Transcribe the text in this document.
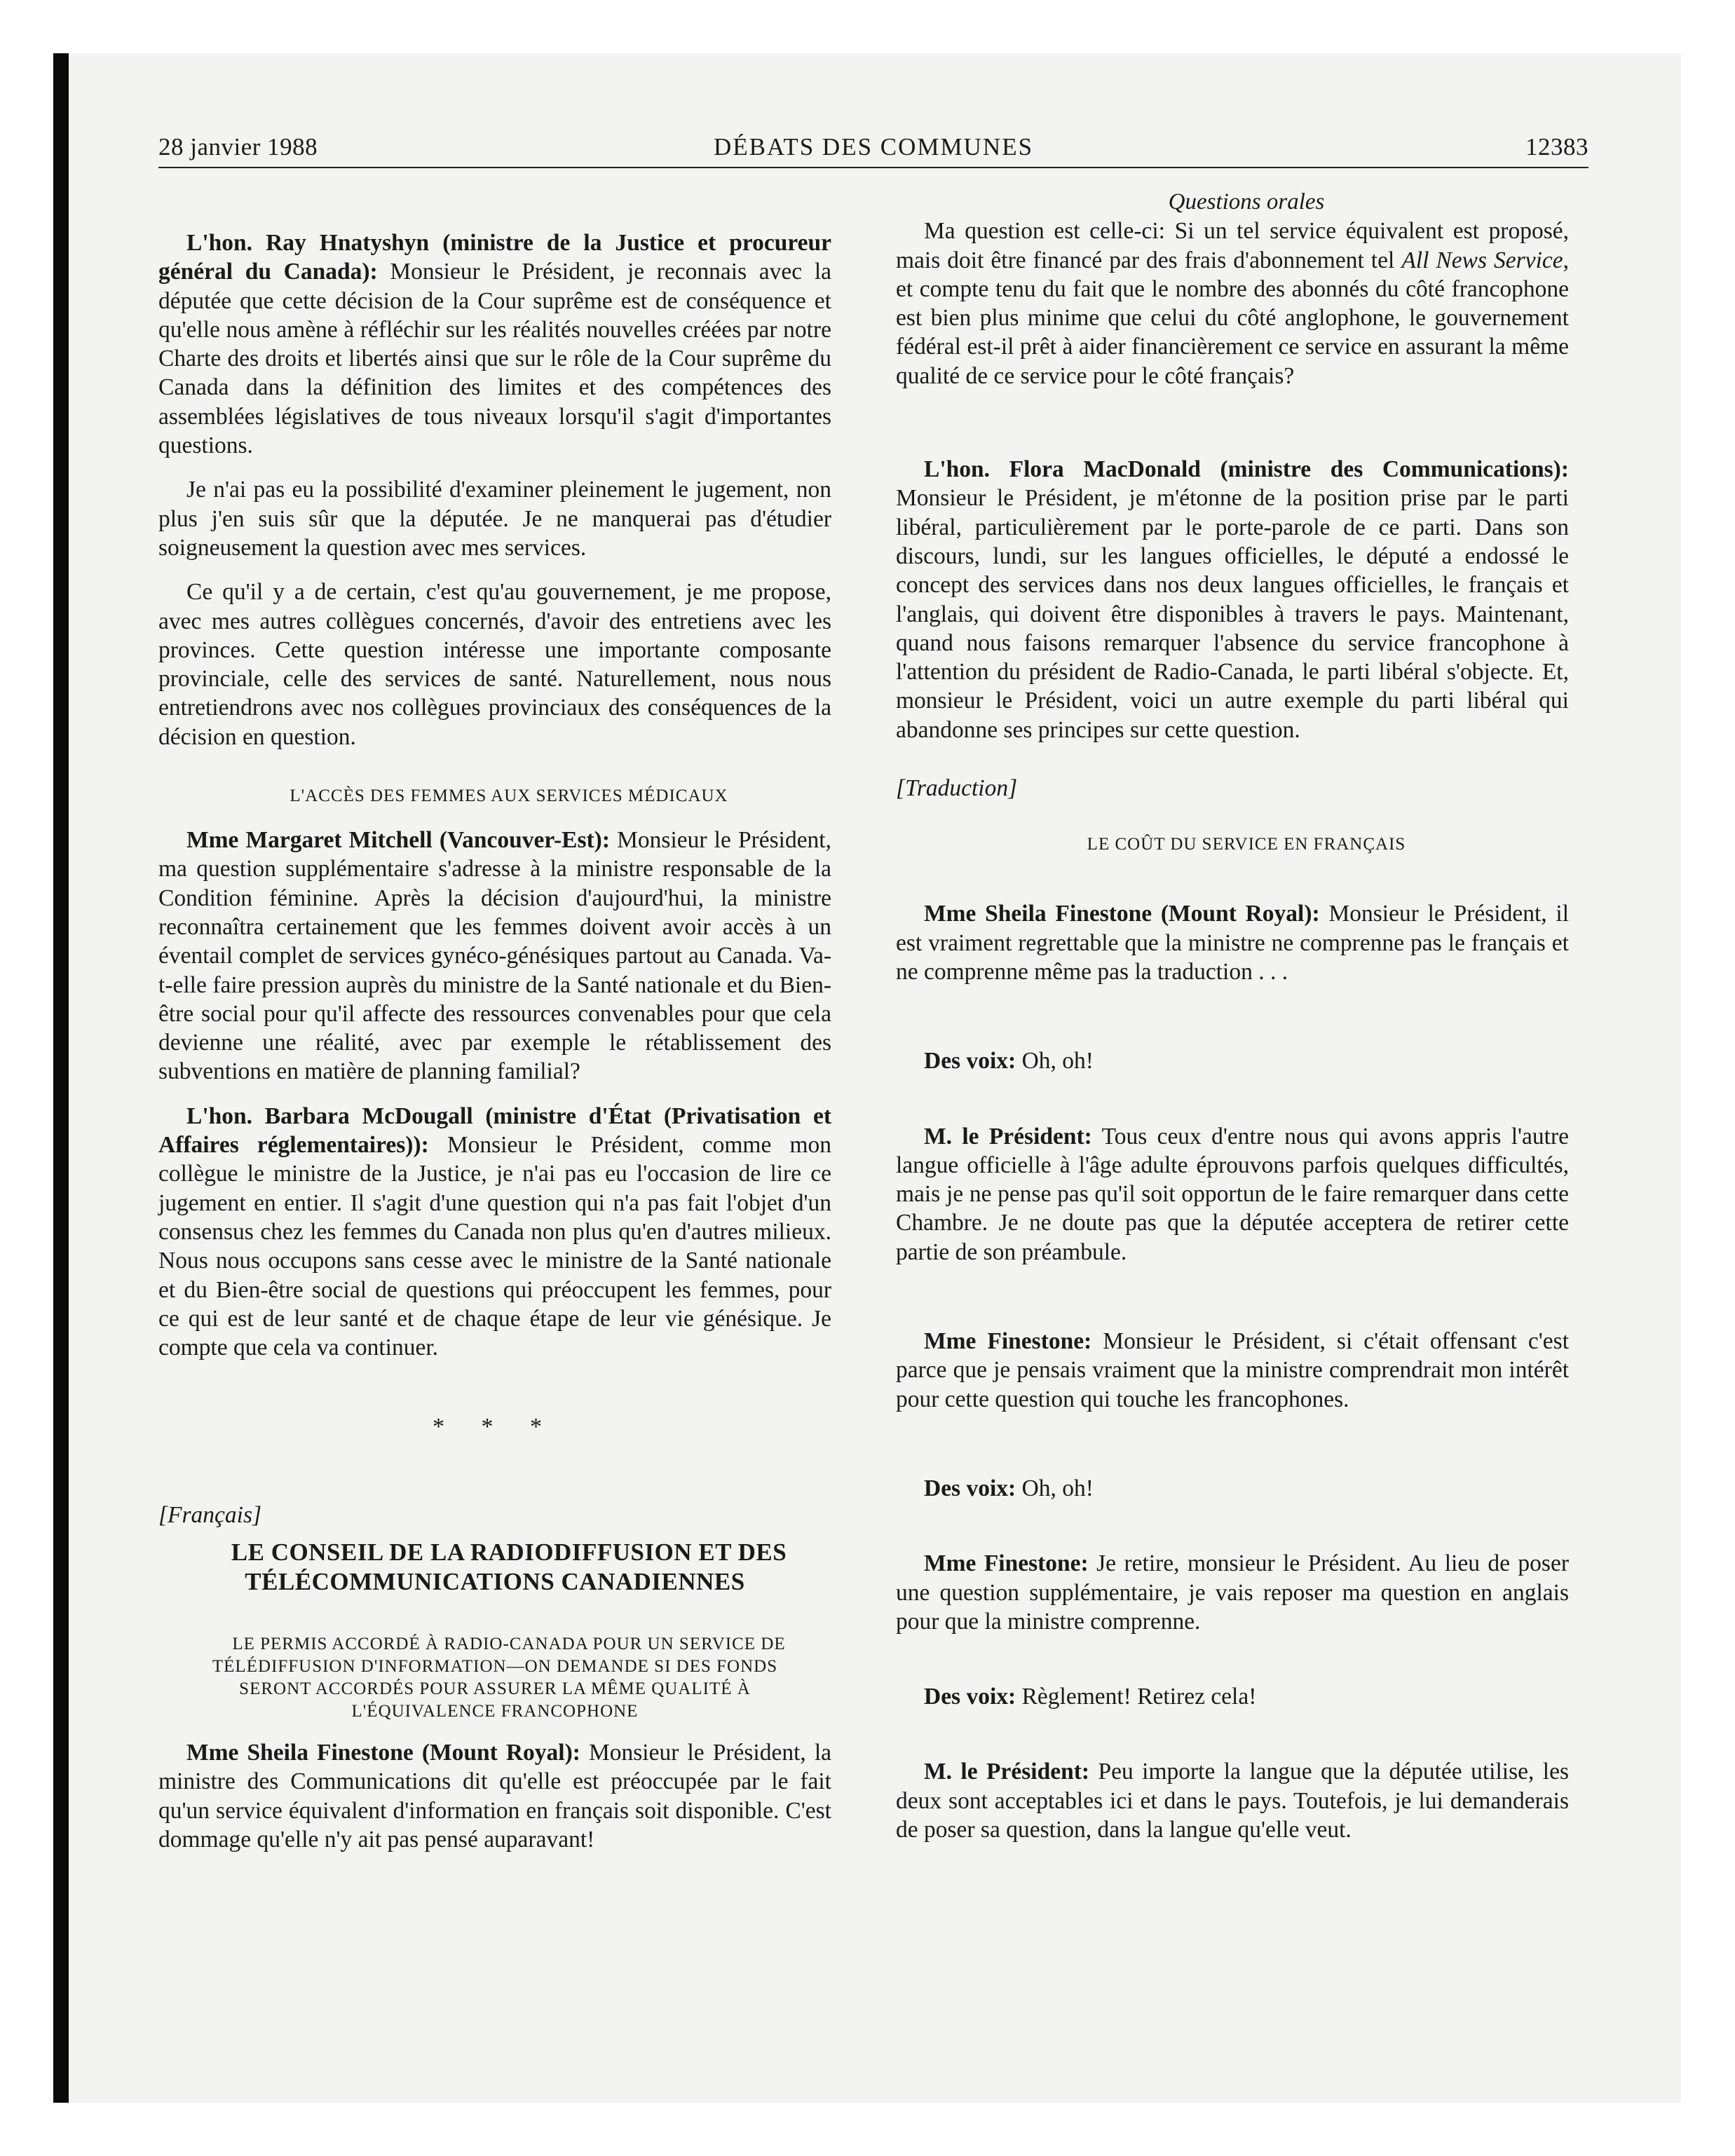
28 janvier 1988	DÉBATS DES COMMUNES	12383

L'hon. Ray Hnatyshyn (ministre de la Justice et procureur général du Canada): Monsieur le Président, je reconnais avec la députée que cette décision de la Cour suprême est de conséquence et qu'elle nous amène à réfléchir sur les réalités nouvelles créées par notre Charte des droits et libertés ainsi que sur le rôle de la Cour suprême du Canada dans la définition des limites et des compétences des assemblées législatives de tous niveaux lorsqu'il s'agit d'importantes questions.

Je n'ai pas eu la possibilité d'examiner pleinement le jugement, non plus j'en suis sûr que la députée. Je ne manquerai pas d'étudier soigneusement la question avec mes services.

Ce qu'il y a de certain, c'est qu'au gouvernement, je me propose, avec mes autres collègues concernés, d'avoir des entretiens avec les provinces. Cette question intéresse une importante composante provinciale, celle des services de santé. Naturellement, nous nous entretiendrons avec nos collègues provinciaux des conséquences de la décision en question.

L'ACCÈS DES FEMMES AUX SERVICES MÉDICAUX

Mme Margaret Mitchell (Vancouver-Est): Monsieur le Président, ma question supplémentaire s'adresse à la ministre responsable de la Condition féminine. Après la décision d'aujourd'hui, la ministre reconnaîtra certainement que les femmes doivent avoir accès à un éventail complet de services gynéco-génésiques partout au Canada. Va-t-elle faire pression auprès du ministre de la Santé nationale et du Bien-être social pour qu'il affecte des ressources convenables pour que cela devienne une réalité, avec par exemple le rétablissement des subventions en matière de planning familial?

L'hon. Barbara McDougall (ministre d'État (Privatisation et Affaires réglementaires)): Monsieur le Président, comme mon collègue le ministre de la Justice, je n'ai pas eu l'occasion de lire ce jugement en entier. Il s'agit d'une question qui n'a pas fait l'objet d'un consensus chez les femmes du Canada non plus qu'en d'autres milieux. Nous nous occupons sans cesse avec le ministre de la Santé nationale et du Bien-être social de questions qui préoccupent les femmes, pour ce qui est de leur santé et de chaque étape de leur vie génésique. Je compte que cela va continuer.

* * *

[Français]

LE CONSEIL DE LA RADIODIFFUSION ET DES TÉLÉCOMMUNICATIONS CANADIENNES

LE PERMIS ACCORDÉ À RADIO-CANADA POUR UN SERVICE DE TÉLÉDIFFUSION D'INFORMATION—ON DEMANDE SI DES FONDS SERONT ACCORDÉS POUR ASSURER LA MÊME QUALITÉ À L'ÉQUIVALENCE FRANCOPHONE

Mme Sheila Finestone (Mount Royal): Monsieur le Président, la ministre des Communications dit qu'elle est préoccupée par le fait qu'un service équivalent d'information en français soit disponible. C'est dommage qu'elle n'y ait pas pensé auparavant!

Questions orales

Ma question est celle-ci: Si un tel service équivalent est proposé, mais doit être financé par des frais d'abonnement tel All News Service, et compte tenu du fait que le nombre des abonnés du côté francophone est bien plus minime que celui du côté anglophone, le gouvernement fédéral est-il prêt à aider financièrement ce service en assurant la même qualité de ce service pour le côté français?

L'hon. Flora MacDonald (ministre des Communications): Monsieur le Président, je m'étonne de la position prise par le parti libéral, particulièrement par le porte-parole de ce parti. Dans son discours, lundi, sur les langues officielles, le député a endossé le concept des services dans nos deux langues officielles, le français et l'anglais, qui doivent être disponibles à travers le pays. Maintenant, quand nous faisons remarquer l'absence du service francophone à l'attention du président de Radio-Canada, le parti libéral s'objecte. Et, monsieur le Président, voici un autre exemple du parti libéral qui abandonne ses principes sur cette question.

[Traduction]

LE COÛT DU SERVICE EN FRANÇAIS

Mme Sheila Finestone (Mount Royal): Monsieur le Président, il est vraiment regrettable que la ministre ne comprenne pas le français et ne comprenne même pas la traduction . . .

Des voix: Oh, oh!

M. le Président: Tous ceux d'entre nous qui avons appris l'autre langue officielle à l'âge adulte éprouvons parfois quelques difficultés, mais je ne pense pas qu'il soit opportun de le faire remarquer dans cette Chambre. Je ne doute pas que la députée acceptera de retirer cette partie de son préambule.

Mme Finestone: Monsieur le Président, si c'était offensant c'est parce que je pensais vraiment que la ministre comprendrait mon intérêt pour cette question qui touche les francophones.

Des voix: Oh, oh!

Mme Finestone: Je retire, monsieur le Président. Au lieu de poser une question supplémentaire, je vais reposer ma question en anglais pour que la ministre comprenne.

Des voix: Règlement! Retirez cela!

M. le Président: Peu importe la langue que la députée utilise, les deux sont acceptables ici et dans le pays. Toutefois, je lui demanderais de poser sa question, dans la langue qu'elle veut.
